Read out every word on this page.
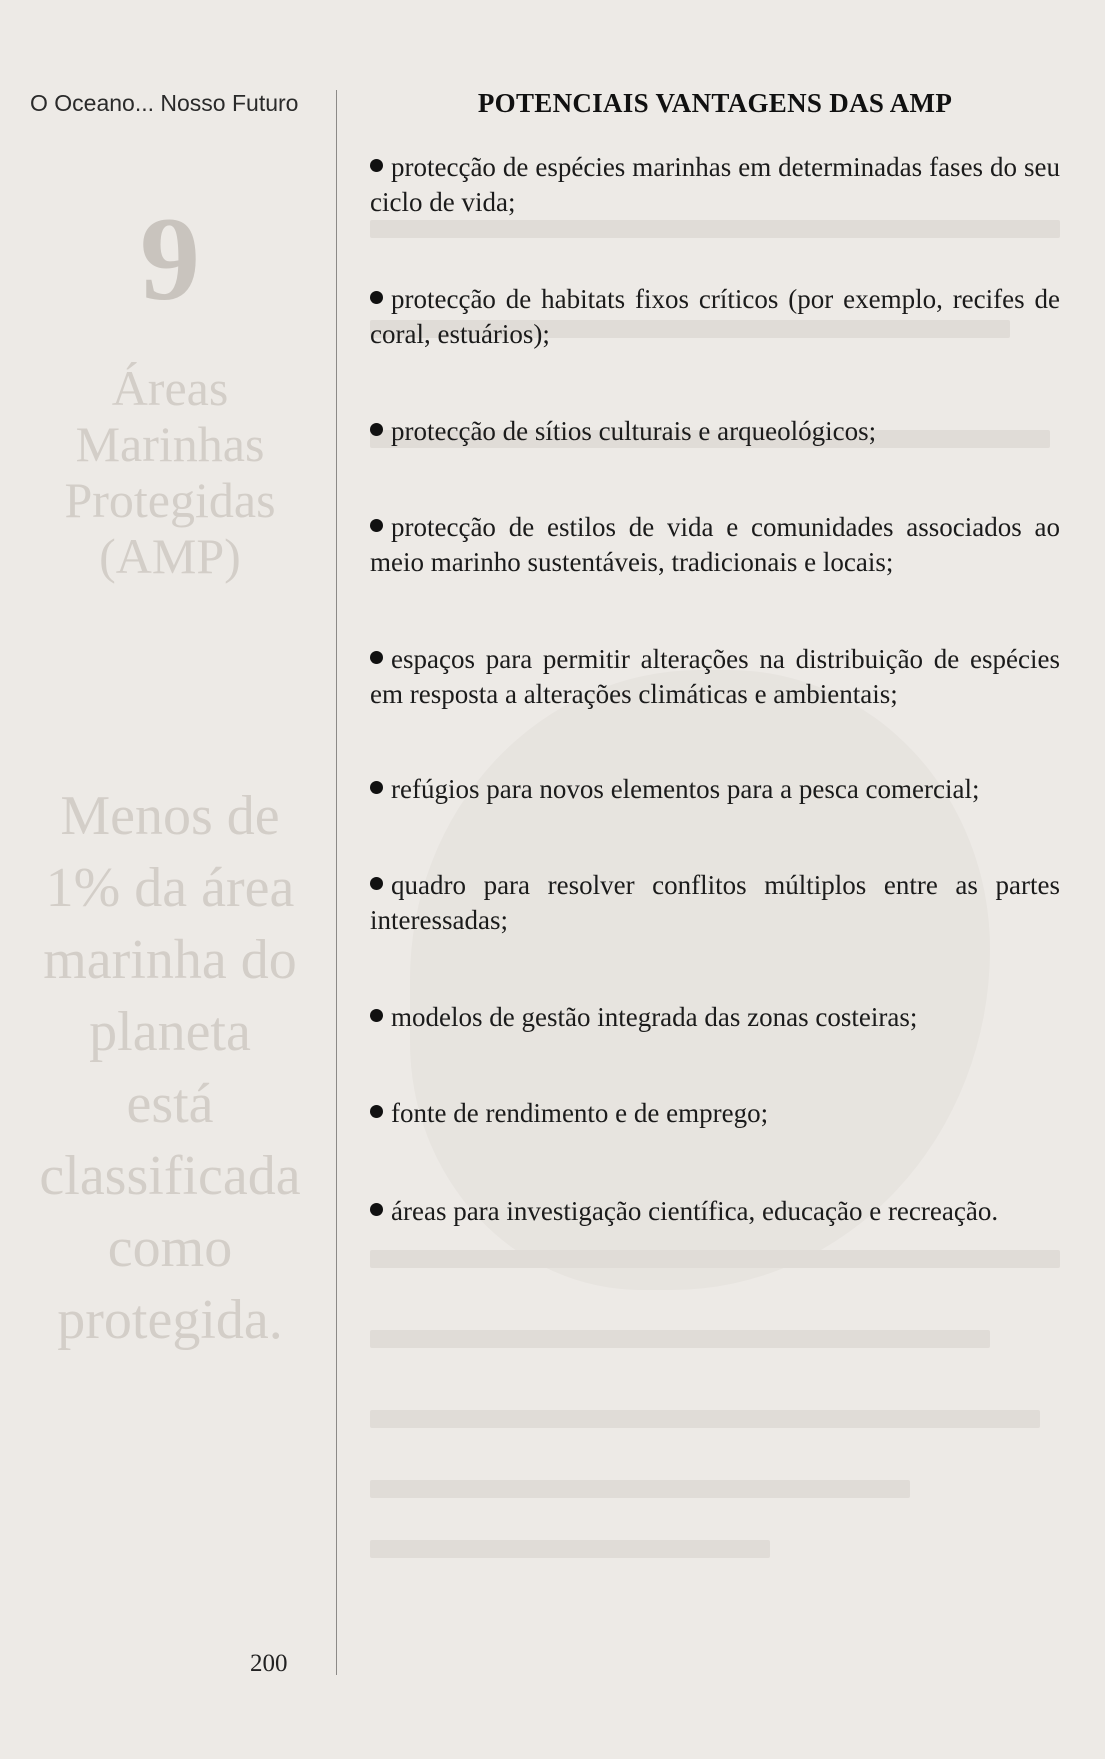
O Oceano... Nosso Futuro
9
Áreas
Marinhas
Protegidas
(AMP)
Menos de
1% da área
marinha do
planeta
está
classificada
como
protegida.
POTENCIAIS VANTAGENS DAS AMP
protecção de espécies marinhas em determinadas fases do seu ciclo de vida;
protecção de habitats fixos críticos (por exemplo, recifes de coral, estuários);
protecção de sítios culturais e arqueológicos;
protecção de estilos de vida e comunidades associados ao meio marinho sustentáveis, tradicionais e locais;
espaços para permitir alterações na distribuição de espécies em resposta a alterações climáticas e ambientais;
refúgios para novos elementos para a pesca comercial;
quadro para resolver conflitos múltiplos entre as partes interessadas;
modelos de gestão integrada das zonas costeiras;
fonte de rendimento e de emprego;
áreas para investigação científica, educação e recreação.
200
